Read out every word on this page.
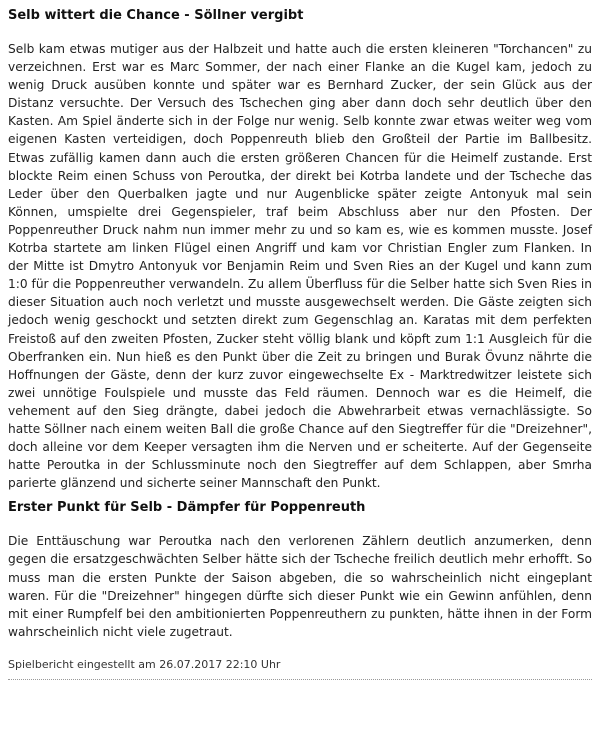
Selb wittert die Chance - Söllner vergibt

Selb kam etwas mutiger aus der Halbzeit und hatte auch die ersten kleineren "Torchancen" zu verzeichnen. Erst war es Marc Sommer, der nach einer Flanke an die Kugel kam, jedoch zu wenig Druck ausüben konnte und später war es Bernhard Zucker, der sein Glück aus der Distanz versuchte. Der Versuch des Tschechen ging aber dann doch sehr deutlich über den Kasten. Am Spiel änderte sich in der Folge nur wenig. Selb konnte zwar etwas weiter weg vom eigenen Kasten verteidigen, doch Poppenreuth blieb den Großteil der Partie im Ballbesitz. Etwas zufällig kamen dann auch die ersten größeren Chancen für die Heimelf zustande. Erst blockte Reim einen Schuss von Peroutka, der direkt bei Kotrba landete und der Tscheche das Leder über den Querbalken jagte und nur Augenblicke später zeigte Antonyuk mal sein Können, umspielte drei Gegenspieler, traf beim Abschluss aber nur den Pfosten. Der Poppenreuther Druck nahm nun immer mehr zu und so kam es, wie es kommen musste. Josef Kotrba startete am linken Flügel einen Angriff und kam vor Christian Engler zum Flanken. In der Mitte ist Dmytro Antonyuk vor Benjamin Reim und Sven Ries an der Kugel und kann zum 1:0 für die Poppenreuther verwandeln. Zu allem Überfluss für die Selber hatte sich Sven Ries in dieser Situation auch noch verletzt und musste ausgewechselt werden. Die Gäste zeigten sich jedoch wenig geschockt und setzten direkt zum Gegenschlag an. Karatas mit dem perfekten Freistoß auf den zweiten Pfosten, Zucker steht völlig blank und köpft zum 1:1 Ausgleich für die Oberfranken ein. Nun hieß es den Punkt über die Zeit zu bringen und Burak Övunz nährte die Hoffnungen der Gäste, denn der kurz zuvor eingewechselte Ex - Marktredwitzer leistete sich zwei unnötige Foulspiele und musste das Feld räumen. Dennoch war es die Heimelf, die vehement auf den Sieg drängte, dabei jedoch die Abwehrarbeit etwas vernachlässigte. So hatte Söllner nach einem weiten Ball die große Chance auf den Siegtreffer für die "Dreizehner", doch alleine vor dem Keeper versagten ihm die Nerven und er scheiterte. Auf der Gegenseite hatte Peroutka in der Schlussminute noch den Siegtreffer auf dem Schlappen, aber Smrha parierte glänzend und sicherte seiner Mannschaft den Punkt.

Erster Punkt für Selb - Dämpfer für Poppenreuth

Die Enttäuschung war Peroutka nach den verlorenen Zählern deutlich anzumerken, denn gegen die ersatzgeschwächten Selber hätte sich der Tscheche freilich deutlich mehr erhofft. So muss man die ersten Punkte der Saison abgeben, die so wahrscheinlich nicht eingeplant waren. Für die "Dreizehner" hingegen dürfte sich dieser Punkt wie ein Gewinn anfühlen, denn mit einer Rumpfelf bei den ambitionierten Poppenreuthern zu punkten, hätte ihnen in der Form wahrscheinlich nicht viele zugetraut.

Spielbericht eingestellt am 26.07.2017 22:10 Uhr
